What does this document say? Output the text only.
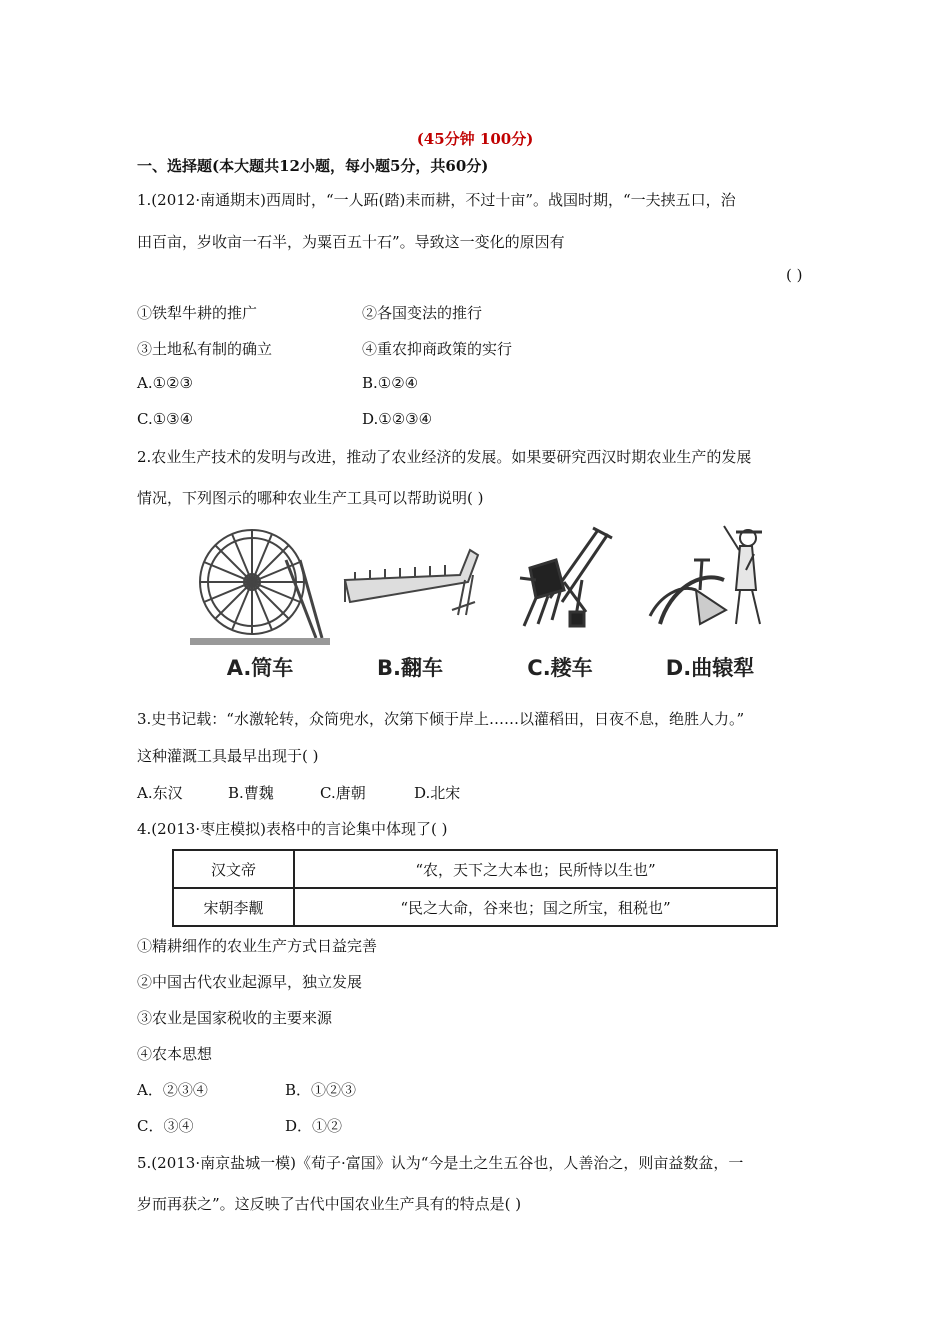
(45分钟 100分)
一、选择题(本大题共12小题，每小题5分，共60分)
1.(2012·南通期末)西周时，“一人跖(踏)耒而耕，不过十亩”。战国时期，“一夫挟五口，治
田百亩，岁收亩一石半，为粟百五十石”。导致这一变化的原因有
( )
①铁犁牛耕的推广	②各国变法的推行
③土地私有制的确立	④重农抑商政策的实行
A.①②③	B.①②④
C.①③④	D.①②③④
2.农业生产技术的发明与改进，推动了农业经济的发展。如果要研究西汉时期农业生产的发展
情况，下列图示的哪种农业生产工具可以帮助说明( )
A.筒车	B.翻车	C.耧车	D.曲辕犁
3.史书记载：“水激轮转，众筒兜水，次第下倾于岸上……以灌稻田，日夜不息，绝胜人力。”
这种灌溉工具最早出现于( )
A.东汉	B.曹魏	C.唐朝	D.北宋
4.(2013·枣庄模拟)表格中的言论集中体现了( )
汉文帝	“农，天下之大本也；民所恃以生也”
宋朝李觏	“民之大命，谷来也；国之所宝，租税也”
①精耕细作的农业生产方式日益完善
②中国古代农业起源早，独立发展
③农业是国家税收的主要来源
④农本思想
A．②③④	B．①②③
C．③④	D．①②
5.(2013·南京盐城一模)《荀子·富国》认为“今是土之生五谷也，人善治之，则亩益数盆，一
岁而再获之”。这反映了古代中国农业生产具有的特点是( )
